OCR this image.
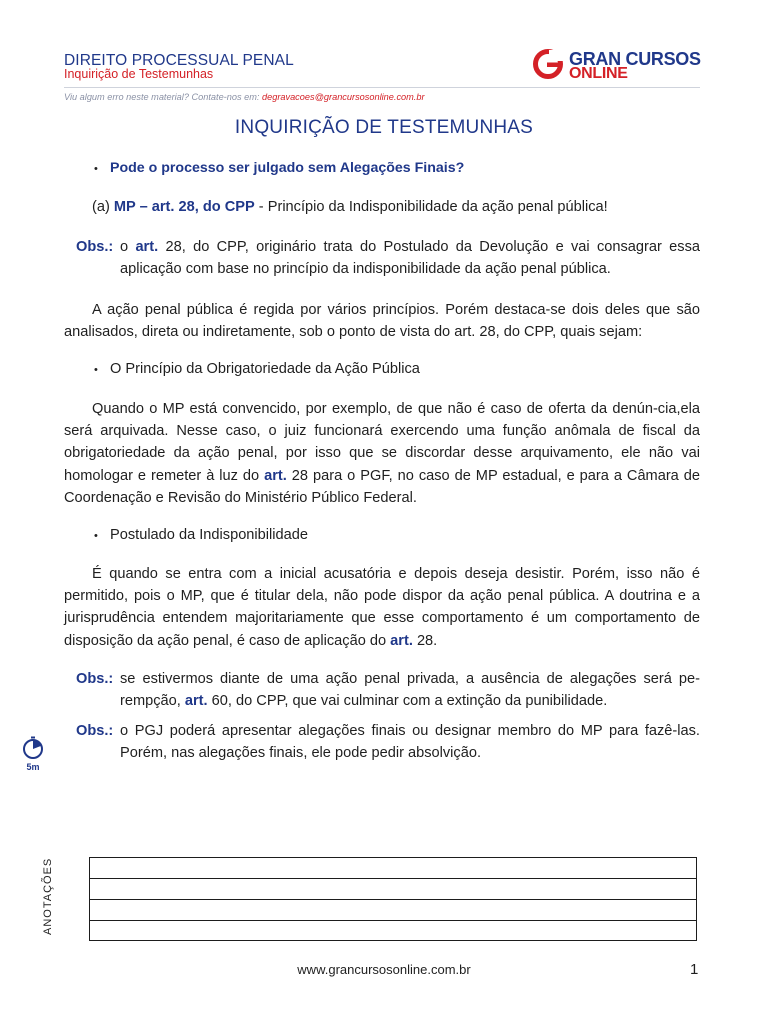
DIREITO PROCESSUAL PENAL
Inquirição de Testemunhas
Viu algum erro neste material? Contate-nos em: degravacoes@grancursosonline.com.br
GRAN CURSOS
ONLINE
INQUIRIÇÃO DE TESTEMUNHAS
• Pode o processo ser julgado sem Alegações Finais?
(a) MP – art. 28, do CPP - Princípio da Indisponibilidade da ação penal pública!
Obs.: o art. 28, do CPP, originário trata do Postulado da Devolução e vai consagrar essa aplicação com base no princípio da indisponibilidade da ação penal pública.
A ação penal pública é regida por vários princípios. Porém destaca-se dois deles que são analisados, direta ou indiretamente, sob o ponto de vista do art. 28, do CPP, quais sejam:
• O Princípio da Obrigatoriedade da Ação Pública
Quando o MP está convencido, por exemplo, de que não é caso de oferta da denún-cia,ela será arquivada. Nesse caso, o juiz funcionará exercendo uma função anômala de fiscal da obrigatoriedade da ação penal, por isso que se discordar desse arquivamento, ele não vai homologar e remeter à luz do art. 28 para o PGF, no caso de MP estadual, e para a Câmara de Coordenação e Revisão do Ministério Público Federal.
• Postulado da Indisponibilidade
É quando se entra com a inicial acusatória e depois deseja desistir. Porém, isso não é permitido, pois o MP, que é titular dela, não pode dispor da ação penal pública. A doutrina e a jurisprudência entendem majoritariamente que esse comportamento é um comportamento de disposição da ação penal, é caso de aplicação do art. 28.
Obs.: se estivermos diante de uma ação penal privada, a ausência de alegações será pe-rempção, art. 60, do CPP, que vai culminar com a extinção da punibilidade.
Obs.: o PGJ poderá apresentar alegações finais ou designar membro do MP para fazê-las. Porém, nas alegações finais, ele pode pedir absolvição.
5m
ANOTAÇÕES
www.grancursosonline.com.br	1
